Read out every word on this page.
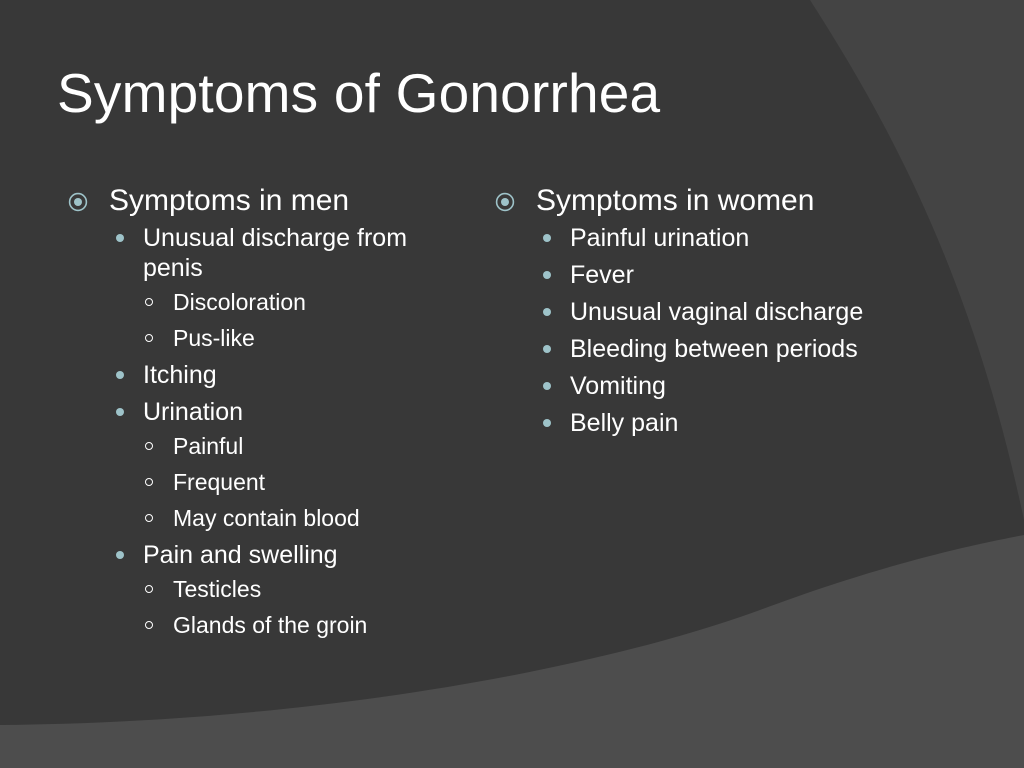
Symptoms of Gonorrhea
Symptoms in men
Unusual discharge from penis
Discoloration
Pus-like
Itching
Urination
Painful
Frequent
May contain blood
Pain and swelling
Testicles
Glands of the groin
Symptoms in women
Painful urination
Fever
Unusual vaginal discharge
Bleeding between periods
Vomiting
Belly pain
